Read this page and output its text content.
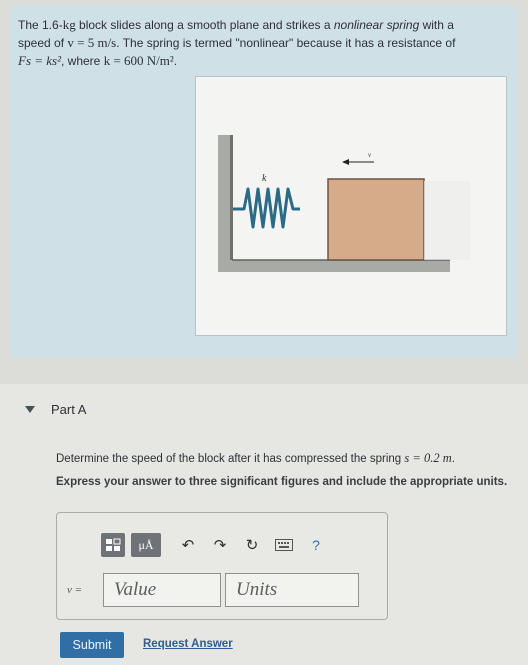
The 1.6-kg block slides along a smooth plane and strikes a nonlinear spring with a
speed of v = 5 m/s. The spring is termed "nonlinear" because it has a resistance of
Fs = ks², where k = 600 N/m².
k
v
Part A
Determine the speed of the block after it has compressed the spring s = 0.2 m.
Express your answer to three significant figures and include the appropriate units.
μÅ	↶	↷	↻	?
v =	Value	Units
Submit	Request Answer
